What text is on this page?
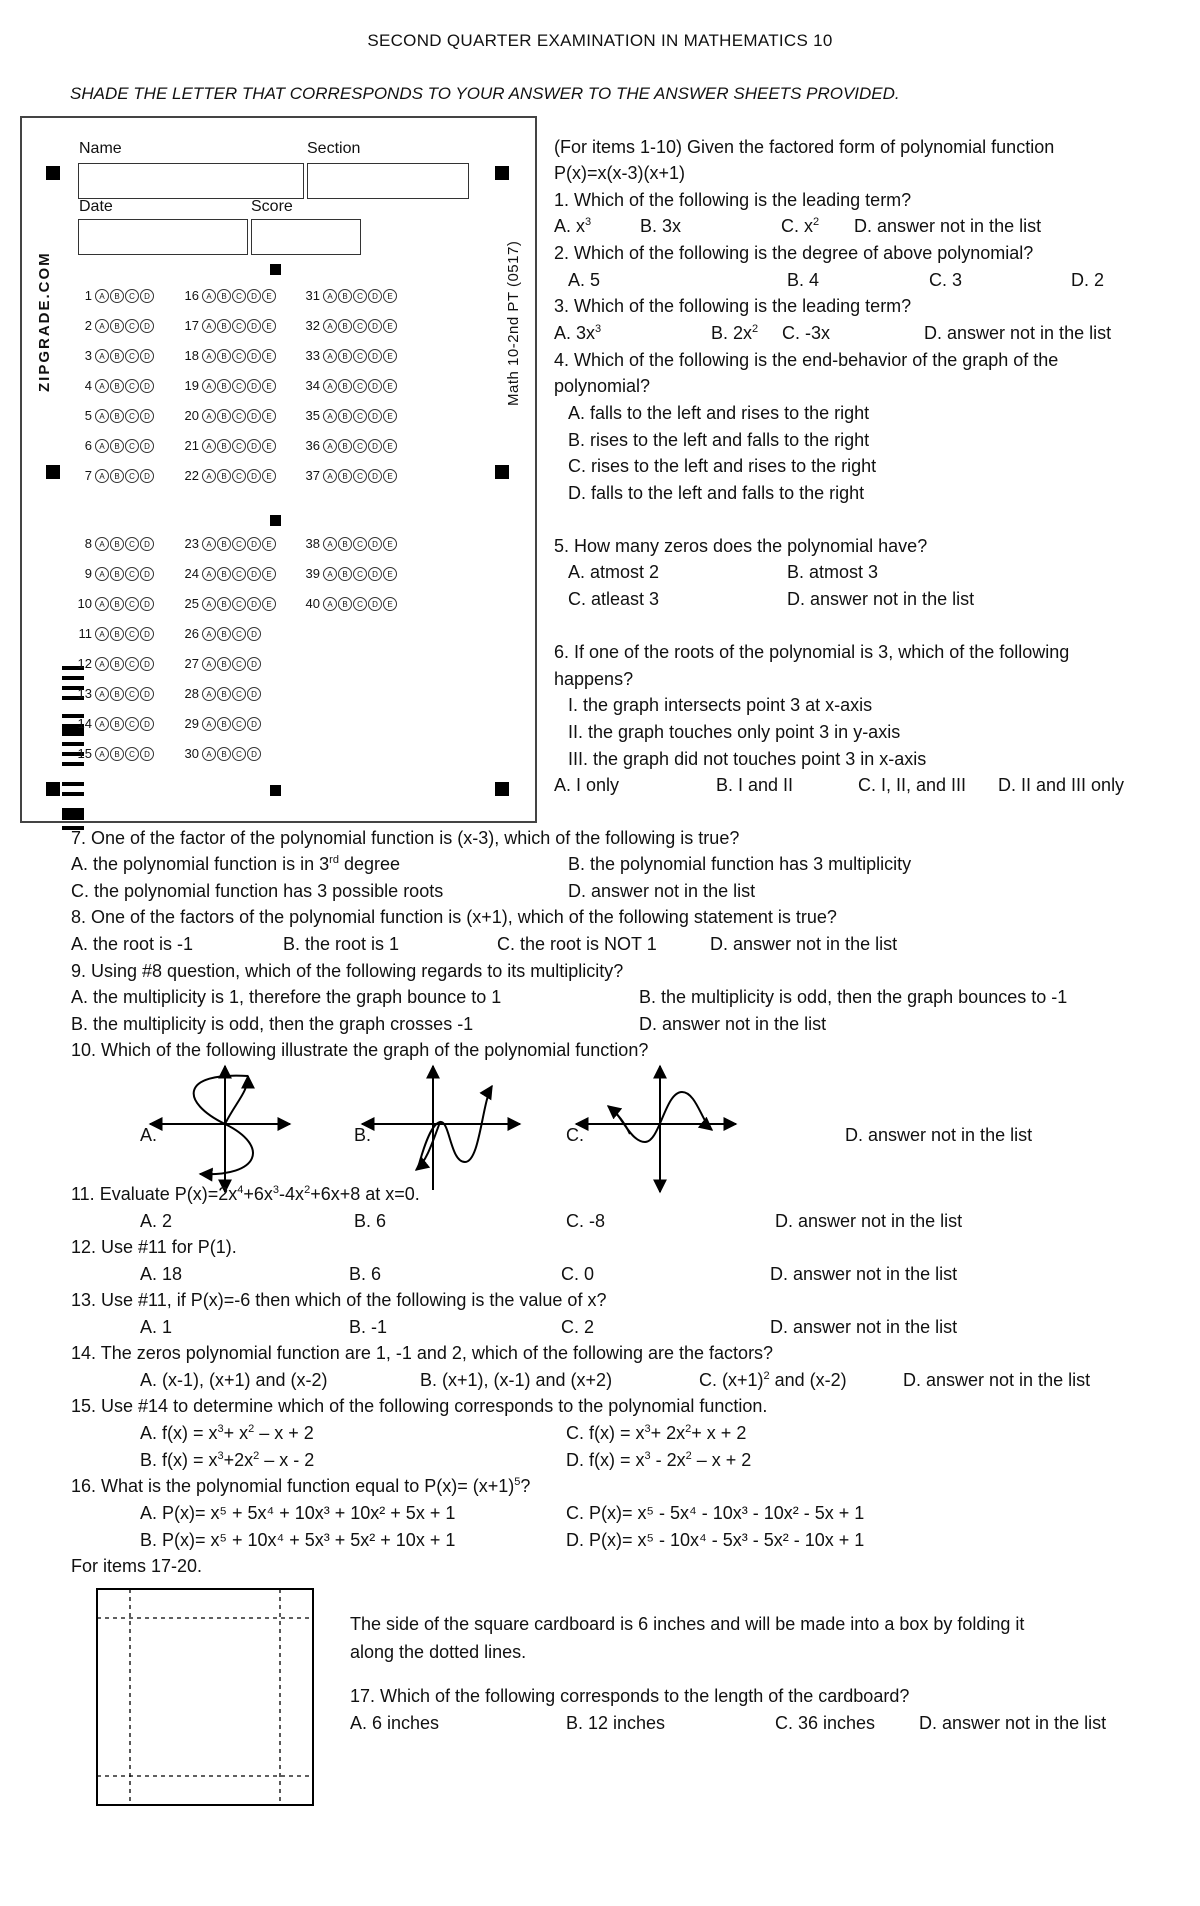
SECOND QUARTER EXAMINATION IN MATHEMATICS 10
SHADE THE LETTER THAT CORRESPONDS TO YOUR ANSWER TO THE ANSWER SHEETS PROVIDED.
Name	Section
Date	Score
ZIPGRADE.COM	Math 10-2nd PT (0517)
1 A	B	C	D	16 A	B	C	D	E	31 A	B	C	D	E
2 A	B	C	D	17 A	B	C	D	E	32 A	B	C	D	E
3 A	B	C	D	18 A	B	C	D	E	33 A	B	C	D	E
4 A	B	C	D	19 A	B	C	D	E	34 A	B	C	D	E
5 A	B	C	D	20 A	B	C	D	E	35 A	B	C	D	E
6 A	B	C	D	21 A	B	C	D	E	36 A	B	C	D	E
7 A	B	C	D	22 A	B	C	D	E	37 A	B	C	D	E
8 A	B	C	D	23 A	B	C	D	E	38 A	B	C	D	E
9 A	B	C	D	24 A	B	C	D	E	39 A	B	C	D	E
10 A	B	C	D	25 A	B	C	D	E	40 A	B	C	D	E
11 A	B	C	D	26 A	B	C	D
12 A	B	C	D	27 A	B	C	D
13 A	B	C	D	28 A	B	C	D
14 A	B	C	D	29 A	B	C	D
15 A	B	C	D	30 A	B	C	D
(For items 1-10) Given the factored form of polynomial function
P(x)=x(x-3)(x+1)
1. Which of the following is the leading term?
A. $x^3$	B. 3x	C. $x^2$ D. answer not in the list
2. Which of the following is the degree of above polynomial?
A. 5	B. 4	C. 3	D. 2
3. Which of the following is the leading term?
A. $3x^3$	B. $2x^2$ C. -3x	D. answer not in the list
4. Which of the following is the end-behavior of the graph of the
polynomial?
A. falls to the left and rises to the right
B. rises to the left and falls to the right
C. rises to the left and rises to the right
D. falls to the left and falls to the right
5. How many zeros does the polynomial have?
A. atmost 2	B. atmost 3
C. atleast 3	D. answer not in the list
6. If one of the roots of the polynomial is 3, which of the following
happens?
I. the graph intersects point 3 at x-axis
II. the graph touches only point 3 in y-axis
III. the graph did not touches point 3 in x-axis
A. I only	B. I and II	C. I, II, and III D. II and III only
7. One of the factor of the polynomial function is (x-3), which of the following is true?
A. the polynomial function is in 3rd degree	B. the polynomial function has 3 multiplicity
C. the polynomial function has 3 possible roots	D. answer not in the list
8. One of the factors of the polynomial function is (x+1), which of the following statement is true?
A. the root is -1	B. the root is 1	C. the root is NOT 1	D. answer not in the list
9. Using #8 question, which of the following regards to its multiplicity?
A. the multiplicity is 1, therefore the graph bounce to 1	B. the multiplicity is odd, then the graph bounces to -1
B. the multiplicity is odd, then the graph crosses -1	D. answer not in the list
10. Which of the following illustrate the graph of the polynomial function?
A.	B.	C.	D. answer not in the list
11. Evaluate $P(x)=2x^4+6x^3-4x^2+6x+8$ at x=0.
A. 2	B. 6	C. -8	D. answer not in the list
12. Use #11 for P(1).
A. 18	B. 6	C. 0	D. answer not in the list
13. Use #11, if P(x)=-6 then which of the following is the value of x?
A. 1	B. -1	C. 2	D. answer not in the list
14. The zeros polynomial function are 1, -1 and 2, which of the following are the factors?
A. (x-1), (x+1) and (x-2)	B. (x+1), (x-1) and (x+2)	C. $(x+1)^2$ and (x-2)	D. answer not in the list
15. Use #14 to determine which of the following corresponds to the polynomial function.
A. $f(x) = x^3+ x^2 - x + 2$	C. $f(x) = x^3+ 2x^2+ x + 2$
B. $f(x) = x^3+2x^2 - x - 2$	D. $f(x) = x^3 - 2x^2 - x + 2$
16. What is the polynomial function equal to $P(x)= (x+1)^5$?
A. P(x)= x⁵ + 5x⁴ + 10x³ + 10x² + 5x + 1	C. P(x)= x⁵ - 5x⁴ - 10x³ - 10x² - 5x + 1
B. P(x)= x⁵ + 10x⁴ + 5x³ + 5x² + 10x + 1	D. P(x)= x⁵ - 10x⁴ - 5x³ - 5x² - 10x + 1
For items 17-20.
The side of the square cardboard is 6 inches and will be made into a box by folding it
along the dotted lines.
17. Which of the following corresponds to the length of the cardboard?
A. 6 inches	B. 12 inches	C. 36 inches D. answer not in the list
